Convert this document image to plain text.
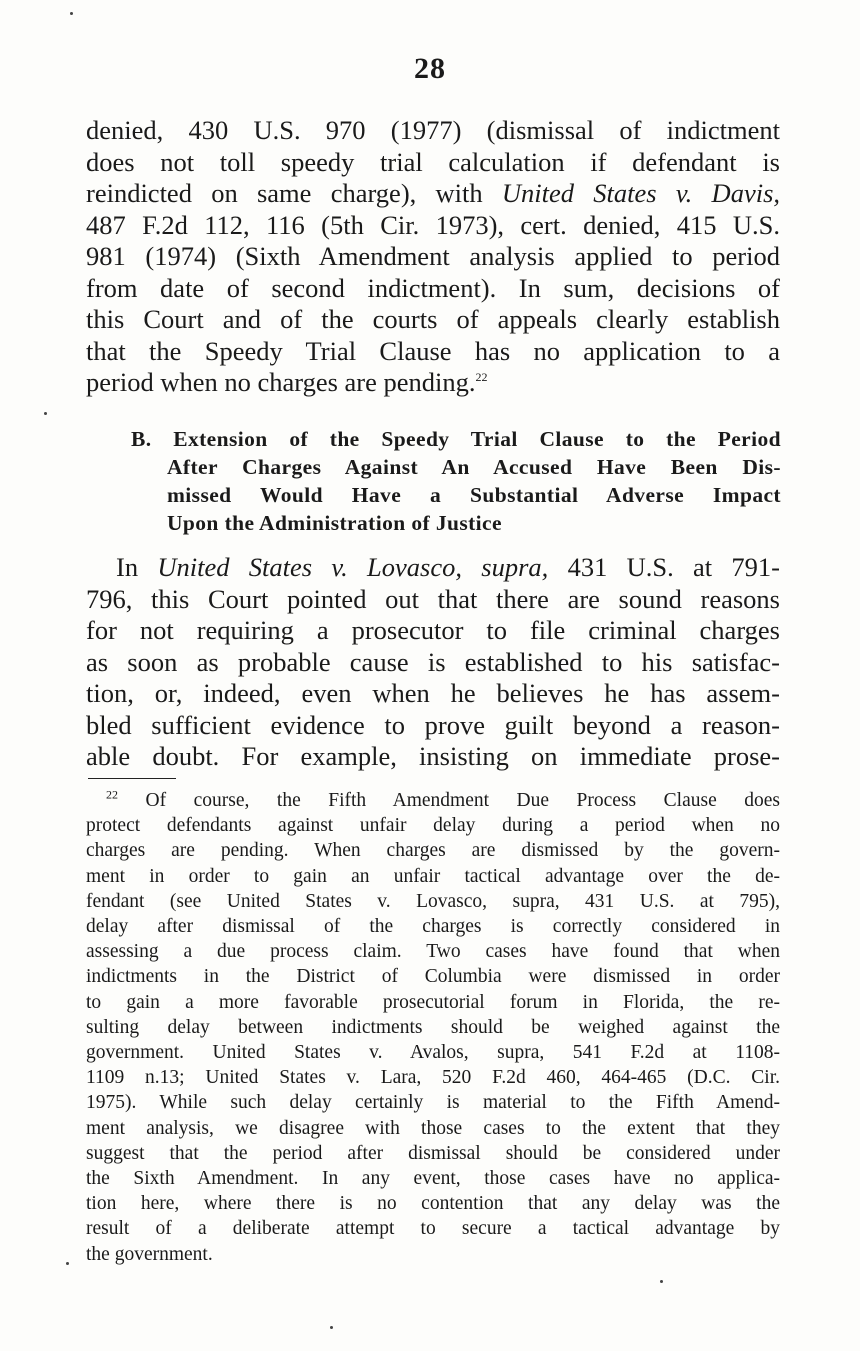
28
denied, 430 U.S. 970 (1977) (dismissal of indictment
does not toll speedy trial calculation if defendant is
reindicted on same charge), with United States v. Davis,
487 F.2d 112, 116 (5th Cir. 1973), cert. denied, 415 U.S.
981 (1974) (Sixth Amendment analysis applied to period
from date of second indictment). In sum, decisions of
this Court and of the courts of appeals clearly establish
that the Speedy Trial Clause has no application to a
period when no charges are pending.$^{22}$
B. Extension of the Speedy Trial Clause to the Period
After Charges Against An Accused Have Been Dis-
missed Would Have a Substantial Adverse Impact
Upon the Administration of Justice
In United States v. Lovasco, supra, 431 U.S. at 791-
796, this Court pointed out that there are sound reasons
for not requiring a prosecutor to file criminal charges
as soon as probable cause is established to his satisfac-
tion, or, indeed, even when he believes he has assem-
bled sufficient evidence to prove guilt beyond a reason-
able doubt. For example, insisting on immediate prose-
$^{22}$ Of course, the Fifth Amendment Due Process Clause does
protect defendants against unfair delay during a period when no
charges are pending. When charges are dismissed by the govern-
ment in order to gain an unfair tactical advantage over the de-
fendant (see United States v. Lovasco, supra, 431 U.S. at 795),
delay after dismissal of the charges is correctly considered in
assessing a due process claim. Two cases have found that when
indictments in the District of Columbia were dismissed in order
to gain a more favorable prosecutorial forum in Florida, the re-
sulting delay between indictments should be weighed against the
government. United States v. Avalos, supra, 541 F.2d at 1108-
1109 n.13; United States v. Lara, 520 F.2d 460, 464-465 (D.C. Cir.
1975). While such delay certainly is material to the Fifth Amend-
ment analysis, we disagree with those cases to the extent that they
suggest that the period after dismissal should be considered under
the Sixth Amendment. In any event, those cases have no applica-
tion here, where there is no contention that any delay was the
result of a deliberate attempt to secure a tactical advantage by
the government.
